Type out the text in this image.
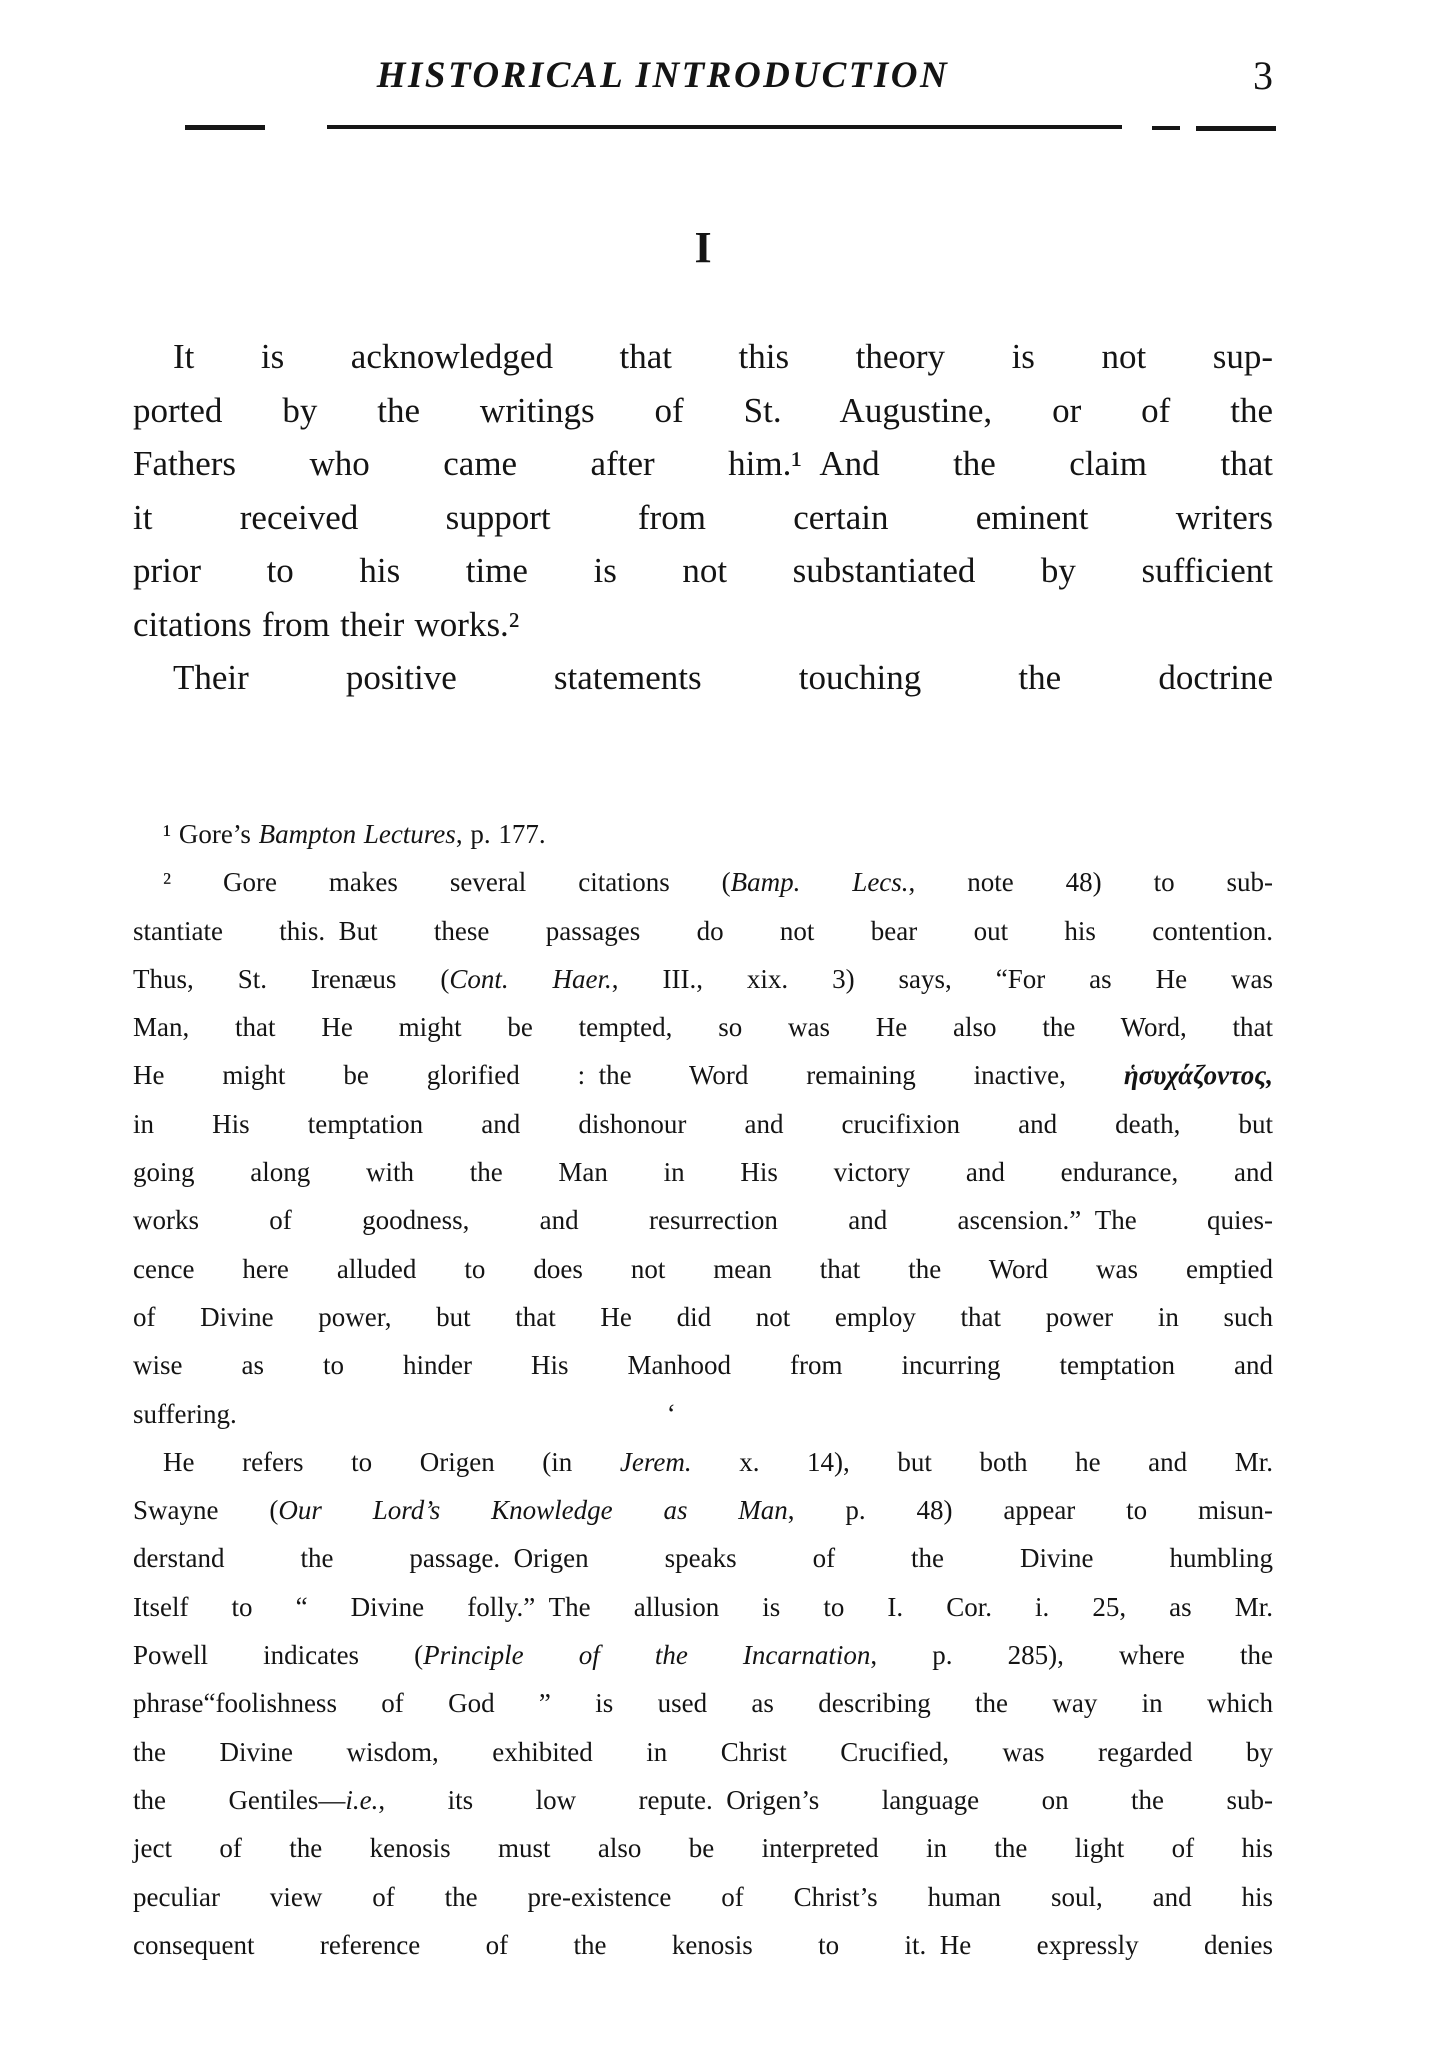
HISTORICAL INTRODUCTION	3
I
It is acknowledged that this theory is not sup-
ported by the writings of St. Augustine, or of the
Fathers who came after him.¹ And the claim that
it received support from certain eminent writers
prior to his time is not substantiated by sufficient
citations from their works.²
Their positive statements touching the doctrine
¹ Gore’s Bampton Lectures, p. 177.
² Gore makes several citations (Bamp. Lecs., note 48) to sub-
stantiate this. But these passages do not bear out his contention.
Thus, St. Irenæus (Cont. Haer., III., xix. 3) says, “For as He was
Man, that He might be tempted, so was He also the Word, that
He might be glorified : the Word remaining inactive, ἡσυχάζοντος,
in His temptation and dishonour and crucifixion and death, but
going along with the Man in His victory and endurance, and
works of goodness, and resurrection and ascension.” The quies-
cence here alluded to does not mean that the Word was emptied
of Divine power, but that He did not employ that power in such
wise as to hinder His Manhood from incurring temptation and
suffering.	‘
He refers to Origen (in Jerem. x. 14), but both he and Mr.
Swayne (Our Lord’s Knowledge as Man, p. 48) appear to misun-
derstand the passage. Origen speaks of the Divine humbling
Itself to “ Divine folly.” The allusion is to I. Cor. i. 25, as Mr.
Powell indicates (Principle of the Incarnation, p. 285), where the
phrase“foolishness of God ” is used as describing the way in which
the Divine wisdom, exhibited in Christ Crucified, was regarded by
the Gentiles—i.e., its low repute. Origen’s language on the sub-
ject of the kenosis must also be interpreted in the light of his
peculiar view of the pre-existence of Christ’s human soul, and his
consequent reference of the kenosis to it. He expressly denies
